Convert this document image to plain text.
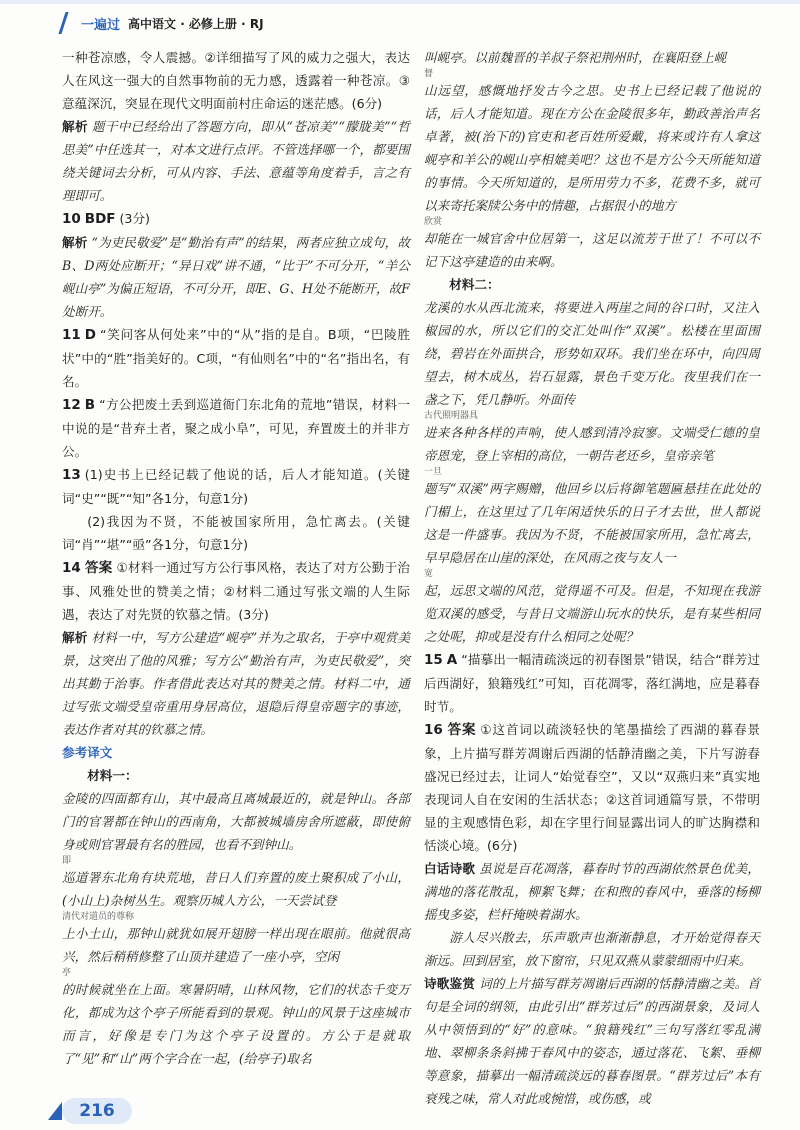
一遍过 高中语文 · 必修上册 · RJ

一种苍凉感，令人震撼。②详细描写了风的威力之强大，表达人在风这一强大的自然事物前的无力感，透露着一种苍凉。③意蕴深沉，突显在现代文明面前村庄命运的迷茫感。(6分)

解析 题干中已经给出了答题方向，即从“苍凉美”“朦胧美”“哲思美”中任选其一，对本文进行点评。不管选择哪一个，都要围绕关键词去分析，可从内容、手法、意蕴等角度着手，言之有理即可。

10 BDF (3分)

解析 “为吏民敬爱”是“勤治有声”的结果，两者应独立成句，故B、D两处应断开；“异日戏”讲不通，“比于”不可分开，“羊公岘山亭”为偏正短语，不可分开，即E、G、H处不能断开，故F处断开。

11 D “笑问客从何处来”中的“从”指的是自。B项，“巴陵胜状”中的“胜”指美好的。C项，“有仙则名”中的“名”指出名，有名。

12 B “方公把废土丢到巡道衙门东北角的荒地”错误，材料一中说的是“昔弃土者，聚之成小阜”，可见，弃置废土的并非方公。

13 (1)史书上已经记载了他说的话，后人才能知道。(关键词“史”“既”“知”各1分，句意1分)

(2)我因为不贤，不能被国家所用，急忙离去。(关键词“肖”“堪”“亟”各1分，句意1分)

14 答案 ①材料一通过写方公行事风格，表达了对方公勤于治事、风雅处世的赞美之情；②材料二通过写张文端的人生际遇，表达了对先贤的钦慕之情。(3分)

解析 材料一中，写方公建造“岘亭”并为之取名，于亭中观赏美景，这突出了他的风雅；写方公“勤治有声，为吏民敬爱”，突出其勤于治事。作者借此表达对其的赞美之情。材料二中，通过写张文端受皇帝重用身居高位，退隐后得皇帝题字的事迹，表达作者对其的钦慕之情。

参考译文

材料一：

金陵的四面都有山，其中最高且离城最近的，就是钟山。各部门的官署都在钟山的西南角，大都被城墙房舍所遮蔽，即使俯身或则官署最有名的胜园，也看不到钟山。

即

巡道署东北角有块荒地，昔日人们弃置的废土聚积成了小山，(小山上)杂树丛生。观察历城人方公，一天尝试登

清代对道员的尊称

上小土山，那钟山就犹如展开翅膀一样出现在眼前。他就很高兴，然后稍稍修整了山顶并建造了一座小亭，空闲

亭

的时候就坐在上面。寒暑阴晴，山林风物，它们的状态千变万化，都成为这个亭子所能看到的景观。钟山的风景于这座城市而言，好像是专门为这个亭子设置的。方公于是就取了“见”和“山”两个字合在一起，(给亭子)取名

叫岘亭。以前魏晋的羊叔子祭祀荆州时，在襄阳登上岘

督

山远望，感慨地抒发古今之思。史书上已经记载了他说的话，后人才能知道。现在方公在金陵很多年，勤政善治声名卓著，被(治下的)官吏和老百姓所爱戴，将来或许有人拿这岘亭和羊公的岘山亭相媲美吧？这也不是方公今天所能知道的事情。今天所知道的，是所用劳力不多，花费不多，就可以来寄托案牍公务中的情趣，占据很小的地方

欣赏

却能在一城官舍中位居第一，这足以流芳于世了！不可以不记下这亭建造的由来啊。

材料二：

龙溪的水从西北流来，将要进入两崖之间的谷口时，又注入椒园的水，所以它们的交汇处叫作“双溪”。松楼在里面围绕，碧岩在外面拱合，形势如双环。我们坐在环中，向四周望去，树木成丛，岩石显露，景色千变万化。夜里我们在一盏之下，凭几静听。外面传

古代照明器具

进来各种各样的声响，使人感到清冷寂寥。文端受仁德的皇帝恩宠，登上宰相的高位，一朝告老还乡，皇帝亲笔

一旦

题写“双溪”两字赐赠，他回乡以后将御笔题匾悬挂在此处的门楣上，在这里过了几年闲适快乐的日子才去世，世人都说这是一件盛事。我因为不贤，不能被国家所用，急忙离去，早早隐居在山崖的深处，在风雨之夜与友人一

宽

起，远思文端的风范，觉得遥不可及。但是，不知现在我游览双溪的感受，与昔日文端游山玩水的快乐，是有某些相同之处呢，抑或是没有什么相同之处呢？

15 A “描摹出一幅清疏淡远的初春图景”错误，结合“群芳过后西湖好，狼籍残红”可知，百花凋零，落红满地，应是暮春时节。

16 答案 ①这首词以疏淡轻快的笔墨描绘了西湖的暮春景象，上片描写群芳凋谢后西湖的恬静清幽之美，下片写游春盛况已经过去，让词人“始觉春空”，又以“双燕归来”真实地表现词人自在安闲的生活状态；②这首词通篇写景，不带明显的主观感情色彩，却在字里行间显露出词人的旷达胸襟和恬淡心境。(6分)

白话诗歌 虽说是百花凋落，暮春时节的西湖依然景色优美，满地的落花散乱，柳絮飞舞；在和煦的春风中，垂落的杨柳摇曳多姿，栏杆掩映着湖水。

游人尽兴散去，乐声歌声也渐渐静息，才开始觉得春天渐远。回到居室，放下窗帘，只见双燕从蒙蒙细雨中归来。

诗歌鉴赏 词的上片描写群芳凋谢后西湖的恬静清幽之美。首句是全词的纲领，由此引出“群芳过后”的西湖景象，及词人从中领悟到的“好”的意味。“狼籍残红”三句写落红零乱满地、翠柳条条斜拂于春风中的姿态，通过落花、飞絮、垂柳等意象，描摹出一幅清疏淡远的暮春图景。“群芳过后”本有衰残之味，常人对此或惋惜，或伤感，或

216
